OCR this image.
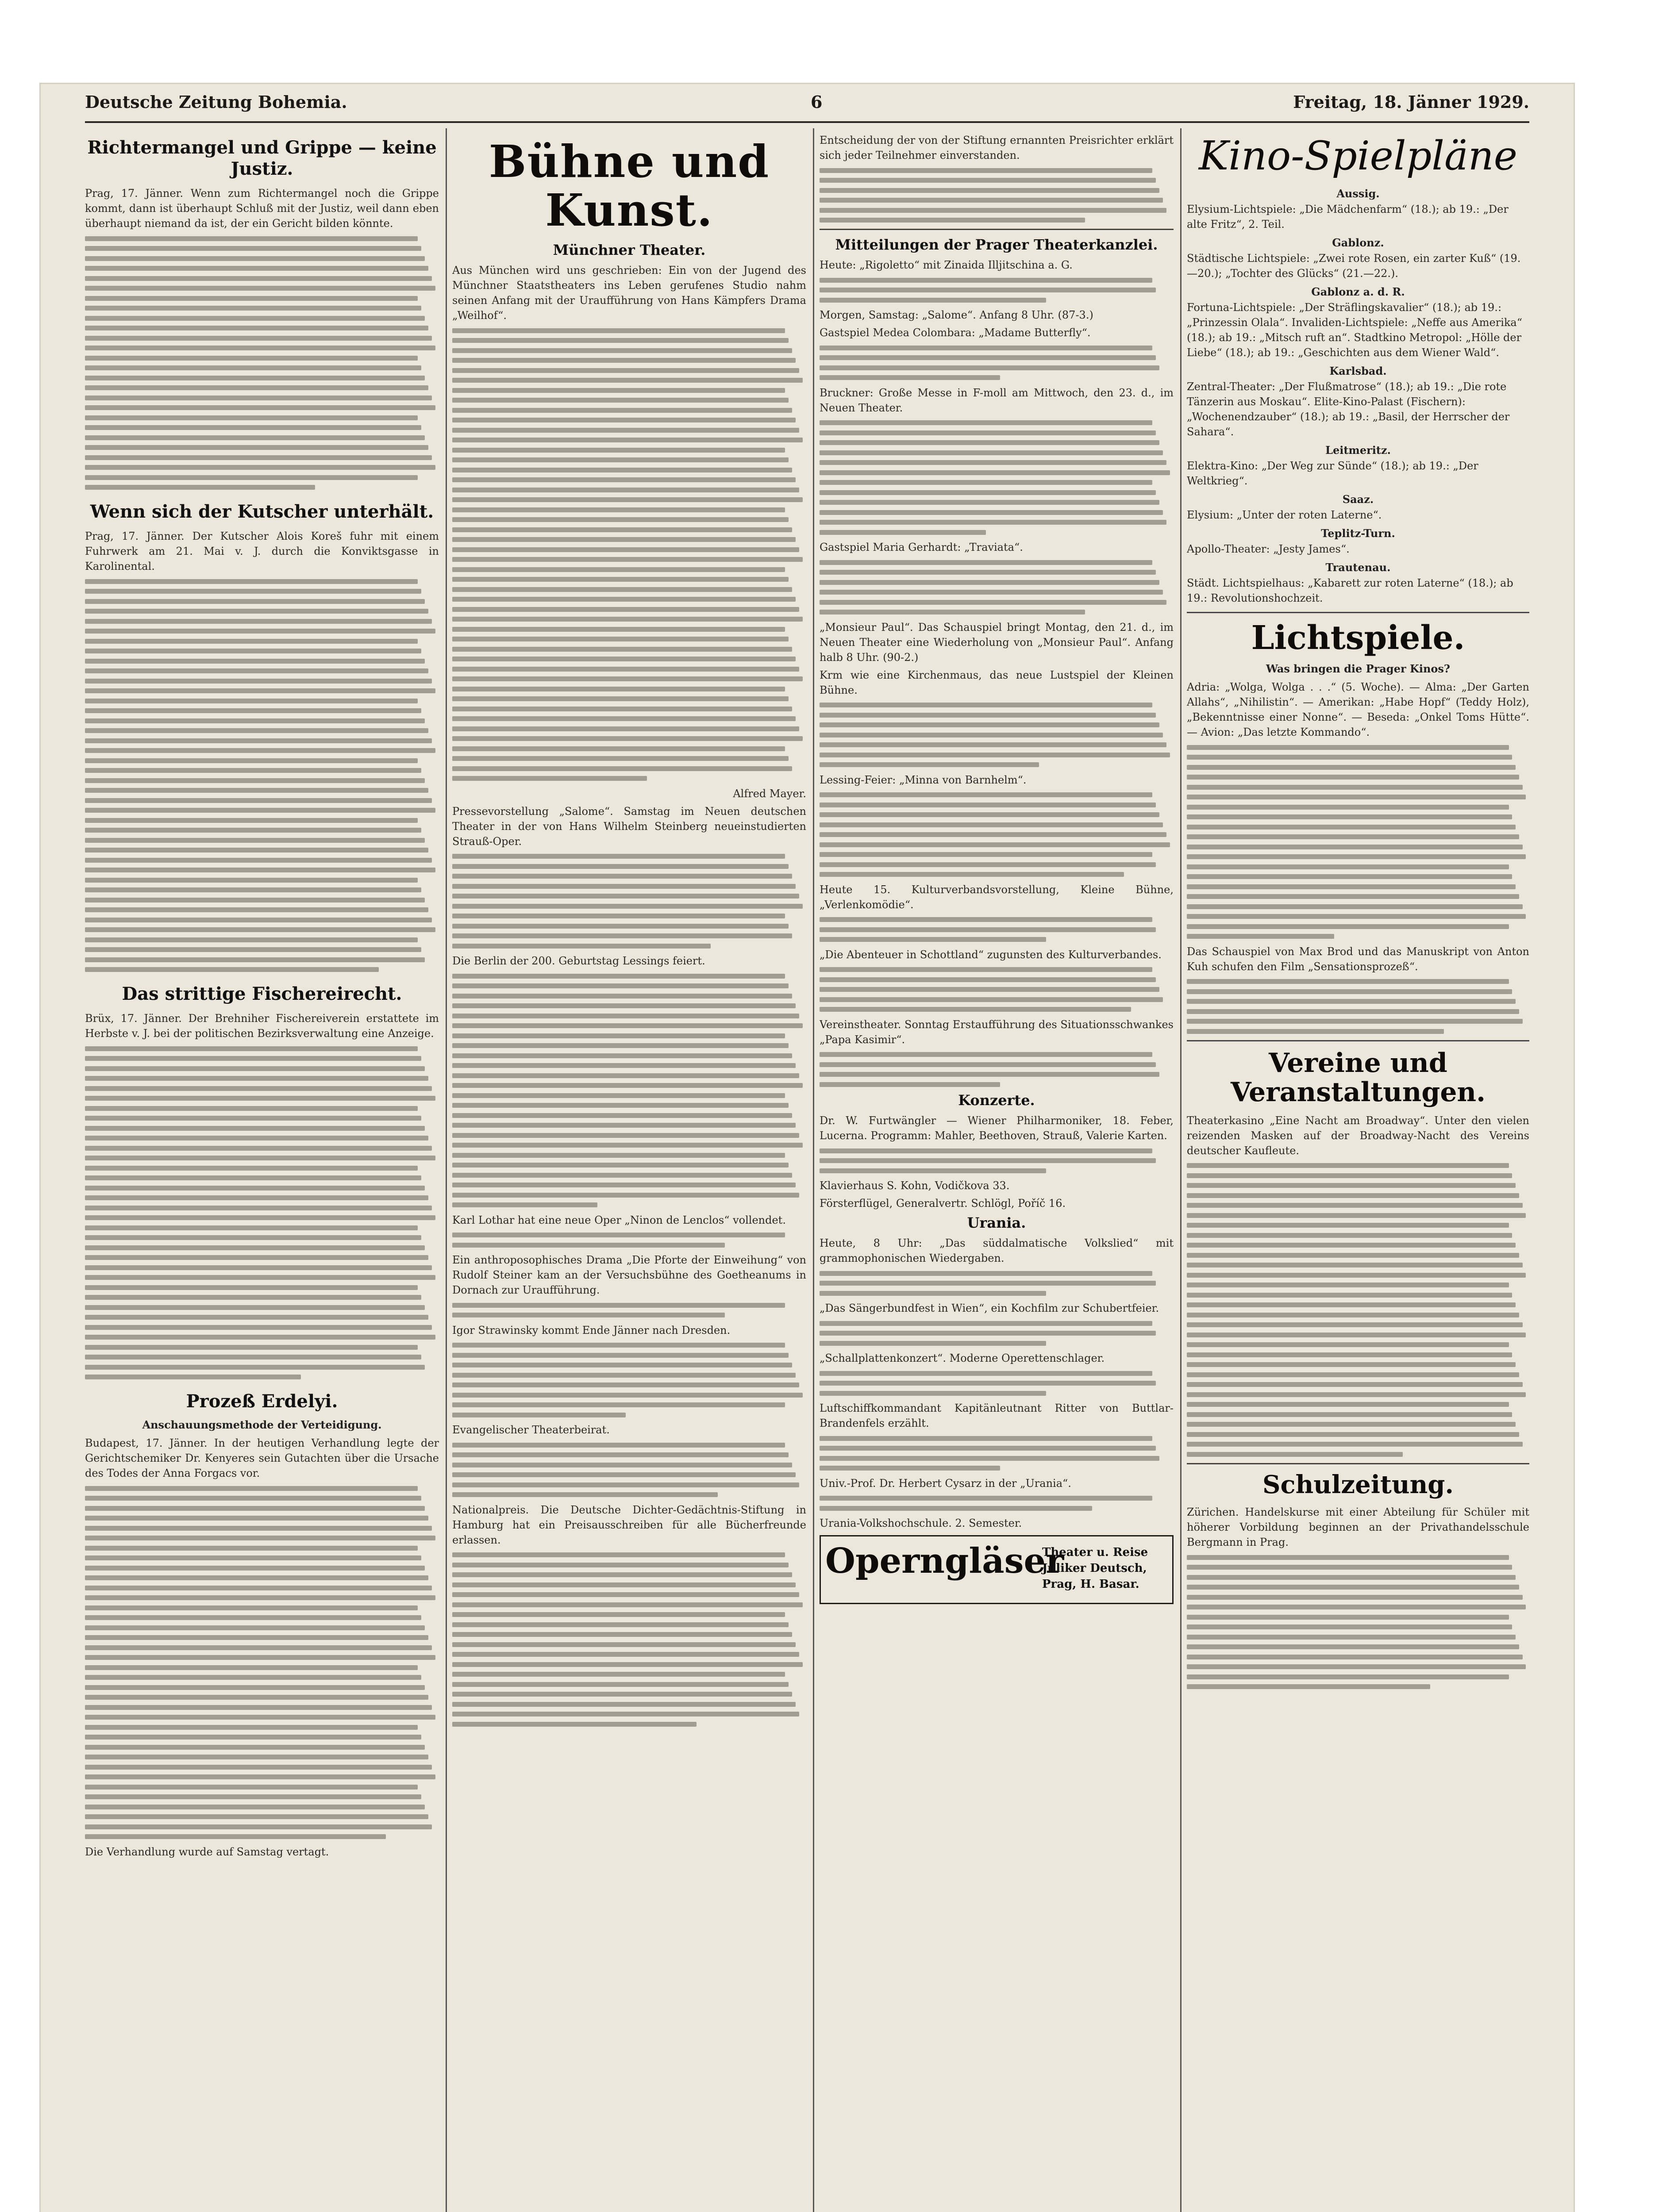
Deutsche Zeitung Bohemia.	6	Freitag, 18. Jänner 1929.
Richtermangel und Grippe — keine Justiz.
Prag, 17. Jänner. Wenn zum Richtermangel noch die Grippe kommt, dann ist überhaupt Schluß mit der Justiz, weil dann eben überhaupt niemand da ist, der ein Gericht bilden könnte.
Wenn sich der Kutscher unterhält.
Prag, 17. Jänner. Der Kutscher Alois Koreš fuhr mit einem Fuhrwerk am 21. Mai v. J. durch die Konviktsgasse in Karolinental.
Das strittige Fischereirecht.
Brüx, 17. Jänner. Der Brehniher Fischereiverein erstattete im Herbste v. J. bei der politischen Bezirksverwaltung eine Anzeige.
Prozeß Erdelyi.
Anschauungsmethode der Verteidigung.
Budapest, 17. Jänner. In der heutigen Verhandlung legte der Gerichtschemiker Dr. Kenyeres sein Gutachten über die Ursache des Todes der Anna Forgacs vor.
Die Verhandlung wurde auf Samstag vertagt.
Bühne und Kunst.
Münchner Theater.
Aus München wird uns geschrieben: Ein von der Jugend des Münchner Staatstheaters ins Leben gerufenes Studio nahm seinen Anfang mit der Uraufführung von Hans Kämpfers Drama „Weilhof“.
Alfred Mayer.
Pressevorstellung „Salome“. Samstag im Neuen deutschen Theater in der von Hans Wilhelm Steinberg neueinstudierten Strauß-Oper.
Die Berlin der 200. Geburtstag Lessings feiert.
Karl Lothar hat eine neue Oper „Ninon de Lenclos“ vollendet.
Ein anthroposophisches Drama „Die Pforte der Einweihung“ von Rudolf Steiner kam an der Versuchsbühne des Goetheanums in Dornach zur Uraufführung.
Igor Strawinsky kommt Ende Jänner nach Dresden.
Evangelischer Theaterbeirat.
Nationalpreis. Die Deutsche Dichter-Gedächtnis-Stiftung in Hamburg hat ein Preisausschreiben für alle Bücherfreunde erlassen.
Entscheidung der von der Stiftung ernannten Preisrichter erklärt sich jeder Teilnehmer einverstanden.
Mitteilungen der Prager Theaterkanzlei.
Heute: „Rigoletto“ mit Zinaida Illjitschina a. G.
Morgen, Samstag: „Salome“. Anfang 8 Uhr. (87-3.)
Gastspiel Medea Colombara: „Madame Butterfly“.
Bruckner: Große Messe in F-moll am Mittwoch, den 23. d., im Neuen Theater.
Gastspiel Maria Gerhardt: „Traviata“.
„Monsieur Paul“. Das Schauspiel bringt Montag, den 21. d., im Neuen Theater eine Wiederholung von „Monsieur Paul“. Anfang halb 8 Uhr. (90-2.)
Krm wie eine Kirchenmaus, das neue Lustspiel der Kleinen Bühne.
Lessing-Feier: „Minna von Barnhelm“.
Heute 15. Kulturverbandsvorstellung, Kleine Bühne, „Verlenkomödie“.
„Die Abenteuer in Schottland“ zugunsten des Kulturverbandes.
Vereinstheater. Sonntag Erstaufführung des Situationsschwankes „Papa Kasimir“.
Konzerte.
Dr. W. Furtwängler — Wiener Philharmoniker, 18. Feber, Lucerna. Programm: Mahler, Beethoven, Strauß, Valerie Karten.
Klavierhaus S. Kohn, Vodičkova 33.
Försterflügel, Generalvertr. Schlögl, Poříč 16.
Urania.
Heute, 8 Uhr: „Das süddalmatische Volkslied“ mit grammophonischen Wiedergaben.
„Das Sängerbundfest in Wien“, ein Kochfilm zur Schubertfeier.
„Schallplattenkonzert“. Moderne Operettenschlager.
Luftschiffkommandant Kapitänleutnant Ritter von Buttlar-Brandenfels erzählt.
Univ.-Prof. Dr. Herbert Cysarz in der „Urania“.
Urania-Volkshochschule. 2. Semester.
Operngläser
Theater u. Reise Juliker Deutsch, Prag, H. Basar.
Kino-Spielpläne
Aussig.
Elysium-Lichtspiele: „Die Mädchenfarm“ (18.); ab 19.: „Der alte Fritz“, 2. Teil.
Gablonz.
Städtische Lichtspiele: „Zwei rote Rosen, ein zarter Kuß“ (19.—20.); „Tochter des Glücks“ (21.—22.).
Gablonz a. d. R.
Fortuna-Lichtspiele: „Der Sträflingskavalier“ (18.); ab 19.: „Prinzessin Olala“. Invaliden-Lichtspiele: „Neffe aus Amerika“ (18.); ab 19.: „Mitsch ruft an“. Stadtkino Metropol: „Hölle der Liebe“ (18.); ab 19.: „Geschichten aus dem Wiener Wald“.
Karlsbad.
Zentral-Theater: „Der Flußmatrose“ (18.); ab 19.: „Die rote Tänzerin aus Moskau“. Elite-Kino-Palast (Fischern): „Wochenendzauber“ (18.); ab 19.: „Basil, der Herrscher der Sahara“.
Leitmeritz.
Elektra-Kino: „Der Weg zur Sünde“ (18.); ab 19.: „Der Weltkrieg“.
Saaz.
Elysium: „Unter der roten Laterne“.
Teplitz-Turn.
Apollo-Theater: „Jesty James“.
Trautenau.
Städt. Lichtspielhaus: „Kabarett zur roten Laterne“ (18.); ab 19.: Revolutionshochzeit.
Lichtspiele.
Was bringen die Prager Kinos?
Adria: „Wolga, Wolga . . .“ (5. Woche). — Alma: „Der Garten Allahs“, „Nihilistin“. — Amerikan: „Habe Hopf“ (Teddy Holz), „Bekenntnisse einer Nonne“. — Beseda: „Onkel Toms Hütte“. — Avion: „Das letzte Kommando“.
Das Schauspiel von Max Brod und das Manuskript von Anton Kuh schufen den Film „Sensationsprozeß“.
Vereine und Veranstaltungen.
Theaterkasino „Eine Nacht am Broadway“. Unter den vielen reizenden Masken auf der Broadway-Nacht des Vereins deutscher Kaufleute.
Schulzeitung.
Zürichen. Handelskurse mit einer Abteilung für Schüler mit höherer Vorbildung beginnen an der Privathandelsschule Bergmann in Prag.
